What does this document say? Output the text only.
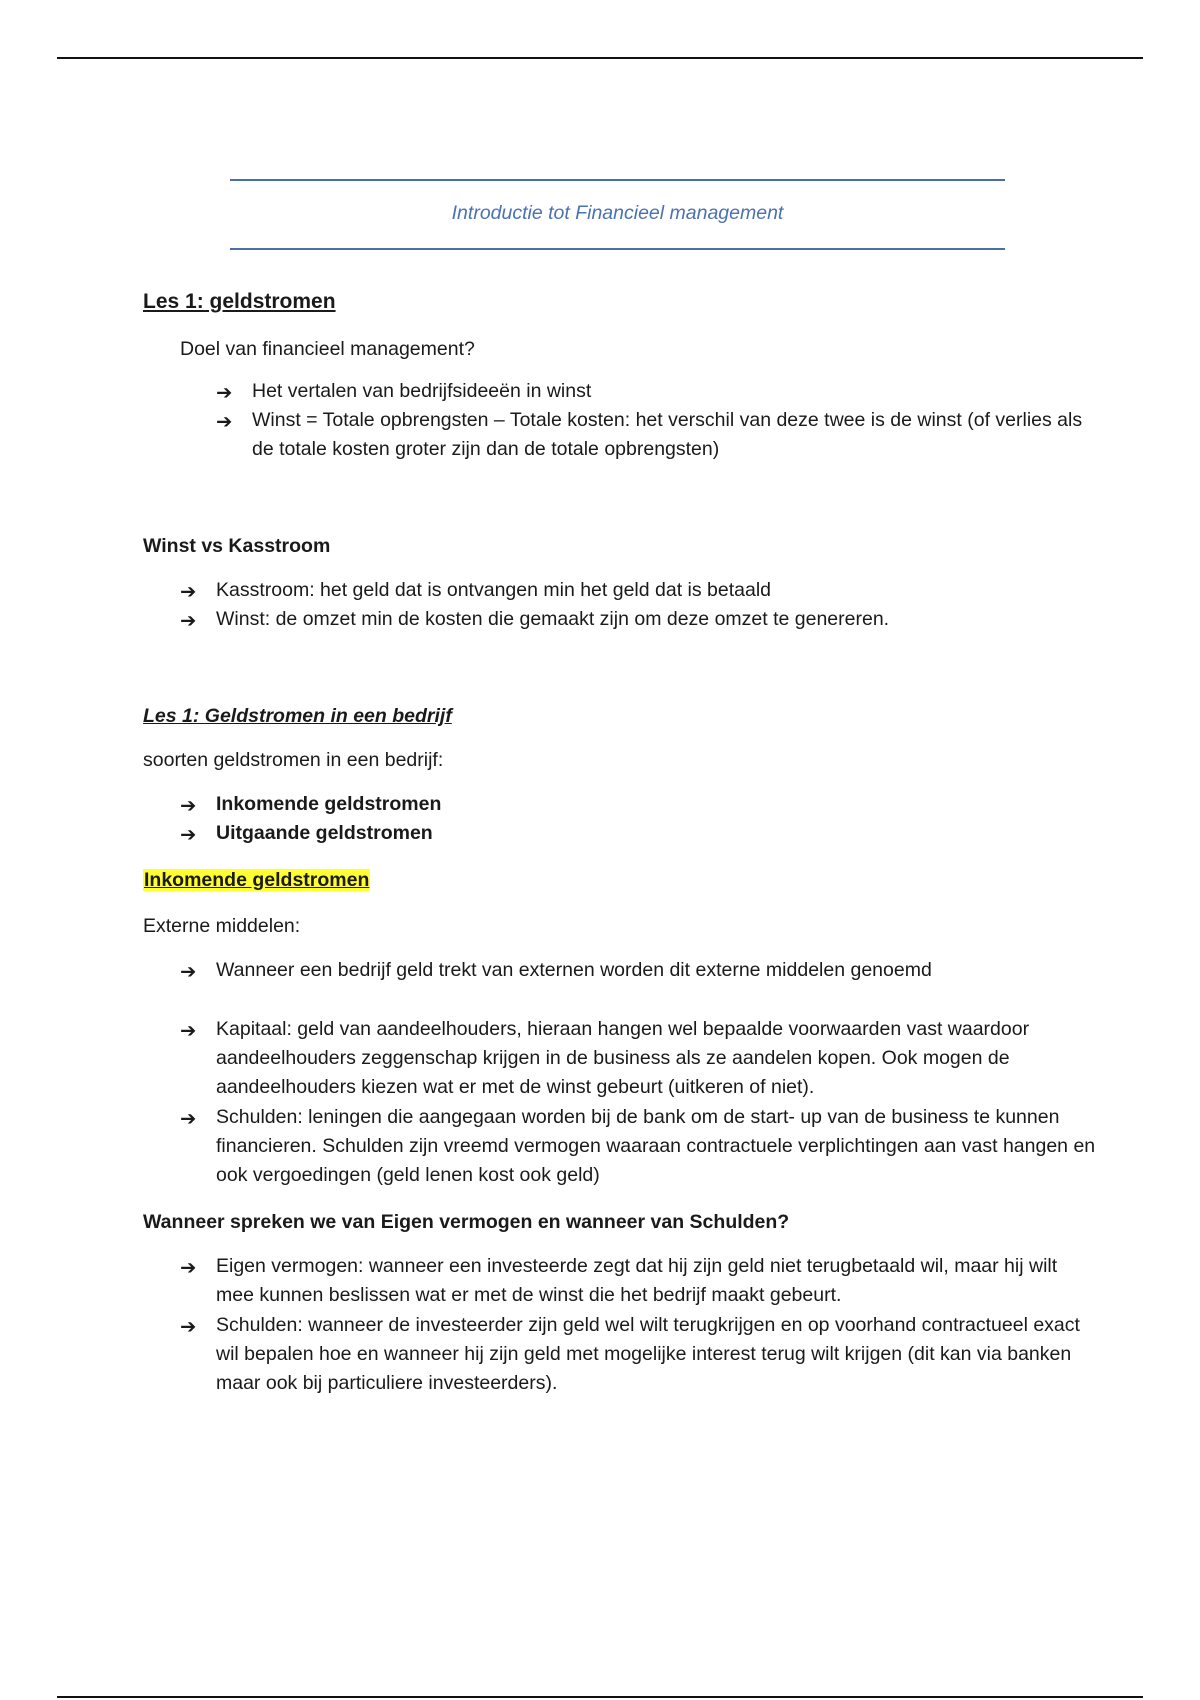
Introductie tot Financieel management
Les 1: geldstromen
Doel van financieel management?
➔ Het vertalen van bedrijfsideeën in winst
➔ Winst = Totale opbrengsten – Totale kosten: het verschil van deze twee is de winst (of verlies als de totale kosten groter zijn dan de totale opbrengsten)
Winst vs Kasstroom
➔ Kasstroom: het geld dat is ontvangen min het geld dat is betaald
➔ Winst: de omzet min de kosten die gemaakt zijn om deze omzet te genereren.
Les 1: Geldstromen in een bedrijf
soorten geldstromen in een bedrijf:
➔ Inkomende geldstromen
➔ Uitgaande geldstromen
Inkomende geldstromen
Externe middelen:
➔ Wanneer een bedrijf geld trekt van externen worden dit externe middelen genoemd
➔ Kapitaal: geld van aandeelhouders, hieraan hangen wel bepaalde voorwaarden vast waardoor aandeelhouders zeggenschap krijgen in de business als ze aandelen kopen. Ook mogen de aandeelhouders kiezen wat er met de winst gebeurt (uitkeren of niet).
➔ Schulden: leningen die aangegaan worden bij de bank om de start- up van de business te kunnen financieren. Schulden zijn vreemd vermogen waaraan contractuele verplichtingen aan vast hangen en ook vergoedingen (geld lenen kost ook geld)
Wanneer spreken we van Eigen vermogen en wanneer van Schulden?
➔ Eigen vermogen: wanneer een investeerde zegt dat hij zijn geld niet terugbetaald wil, maar hij wilt mee kunnen beslissen wat er met de winst die het bedrijf maakt gebeurt.
➔ Schulden: wanneer de investeerder zijn geld wel wilt terugkrijgen en op voorhand contractueel exact wil bepalen hoe en wanneer hij zijn geld met mogelijke interest terug wilt krijgen (dit kan via banken maar ook bij particuliere investeerders).
